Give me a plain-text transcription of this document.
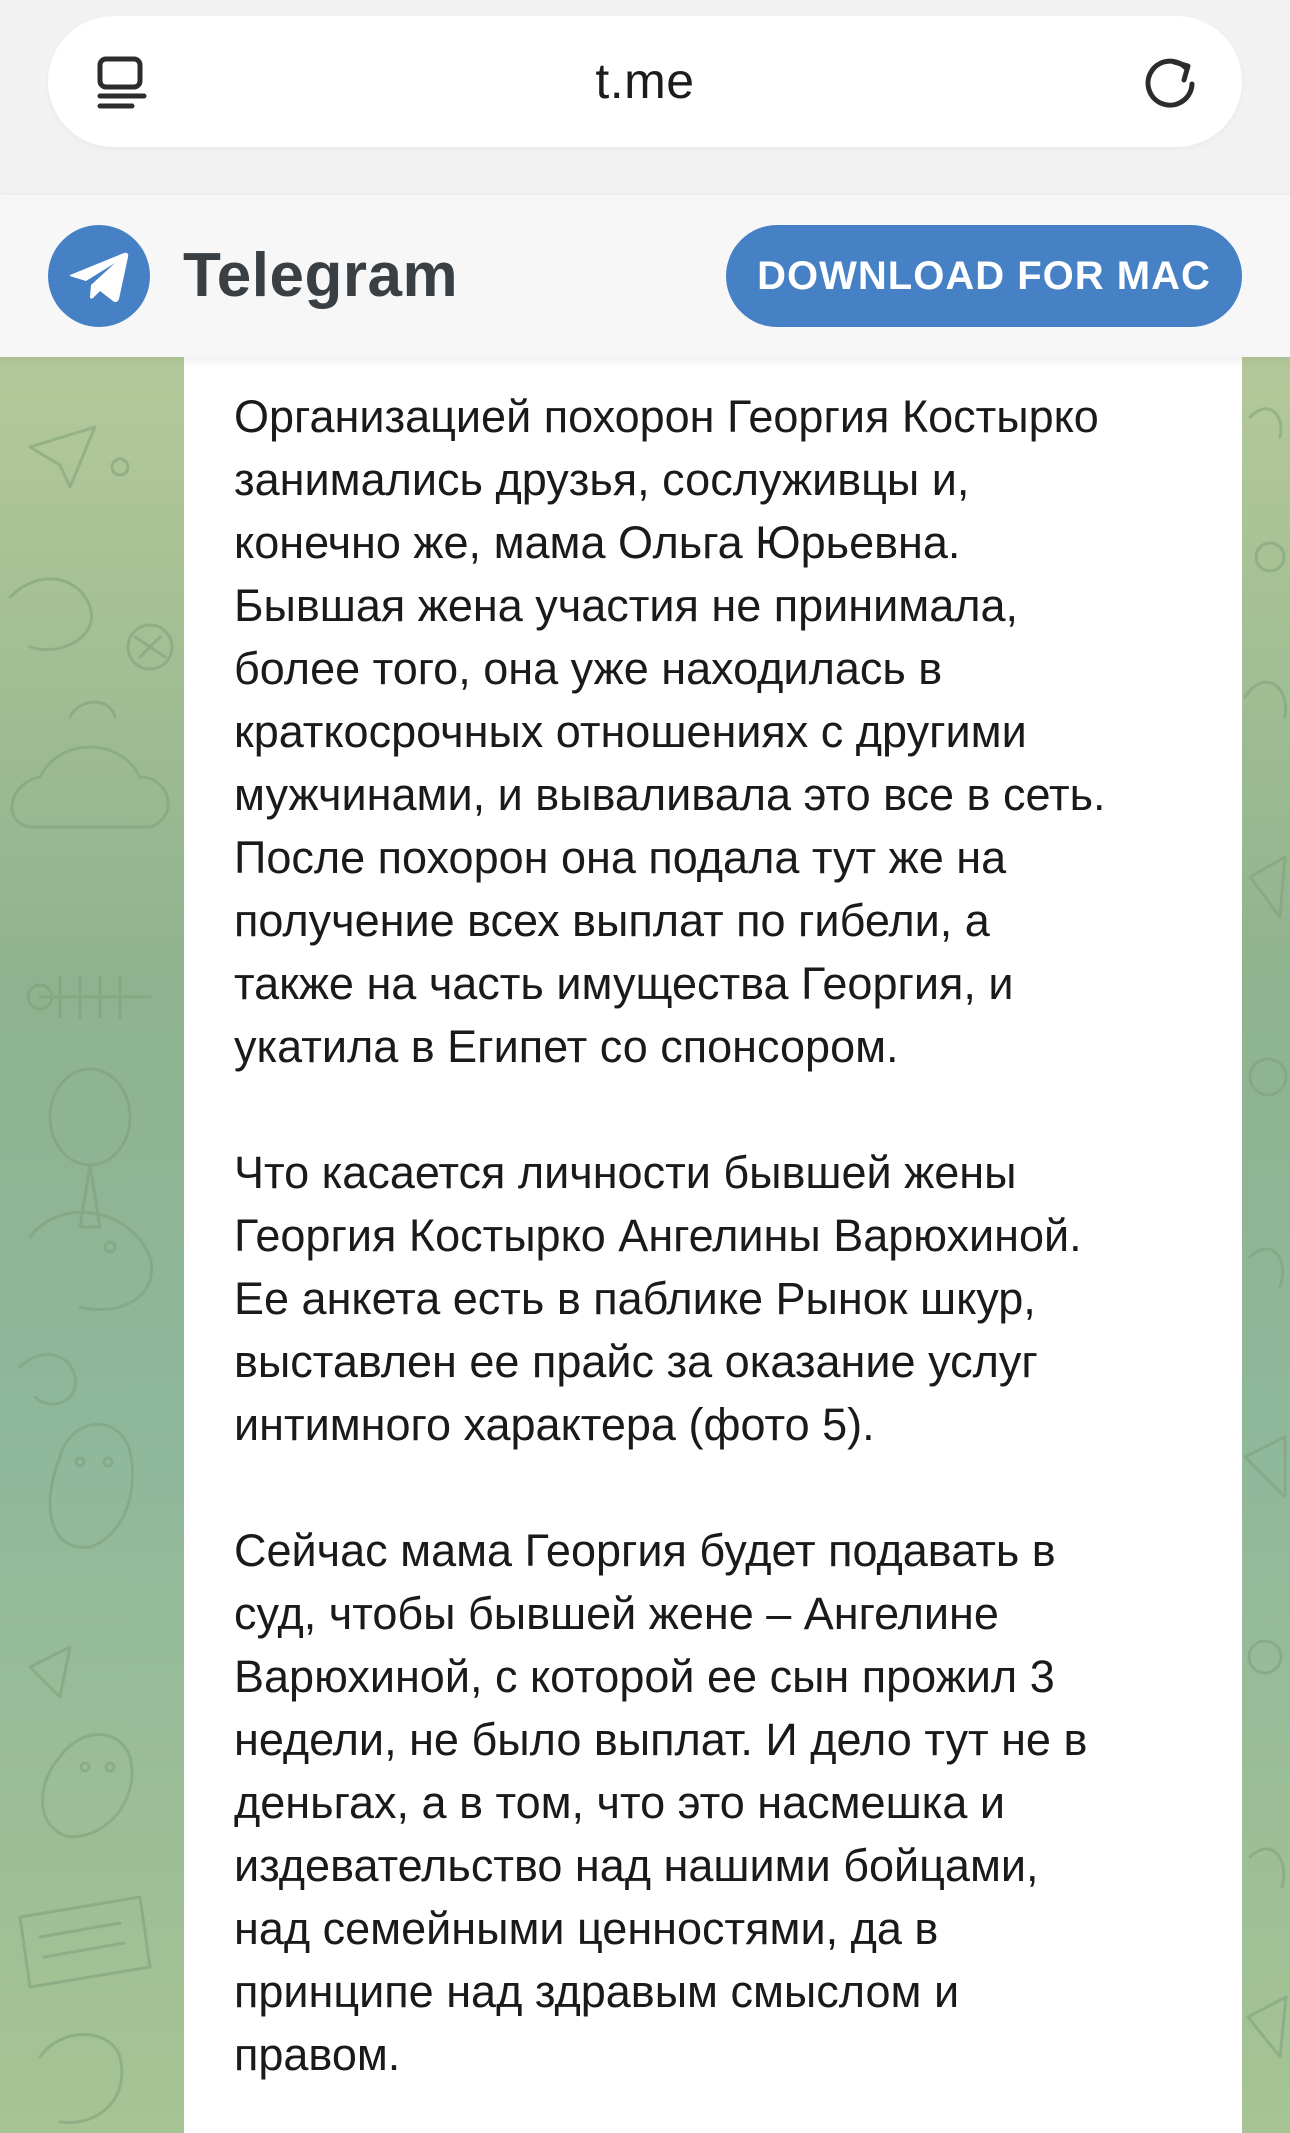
t.me
Telegram	DOWNLOAD FOR MAC
Организацией похорон Георгия Костырко
занимались друзья, сослуживцы и,
конечно же, мама Ольга Юрьевна.
Бывшая жена участия не принимала,
более того, она уже находилась в
краткосрочных отношениях с другими
мужчинами, и вываливала это все в сеть.
После похорон она подала тут же на
получение всех выплат по гибели, а
также на часть имущества Георгия, и
укатила в Египет со спонсором.
Что касается личности бывшей жены
Георгия Костырко Ангелины Варюхиной.
Ее анкета есть в паблике Рынок шкур,
выставлен ее прайс за оказание услуг
интимного характера (фото 5).
Сейчас мама Георгия будет подавать в
суд, чтобы бывшей жене – Ангелине
Варюхиной, с которой ее сын прожил 3
недели, не было выплат. И дело тут не в
деньгах, а в том, что это насмешка и
издевательство над нашими бойцами,
над семейными ценностями, да в
принципе над здравым смыслом и
правом.
